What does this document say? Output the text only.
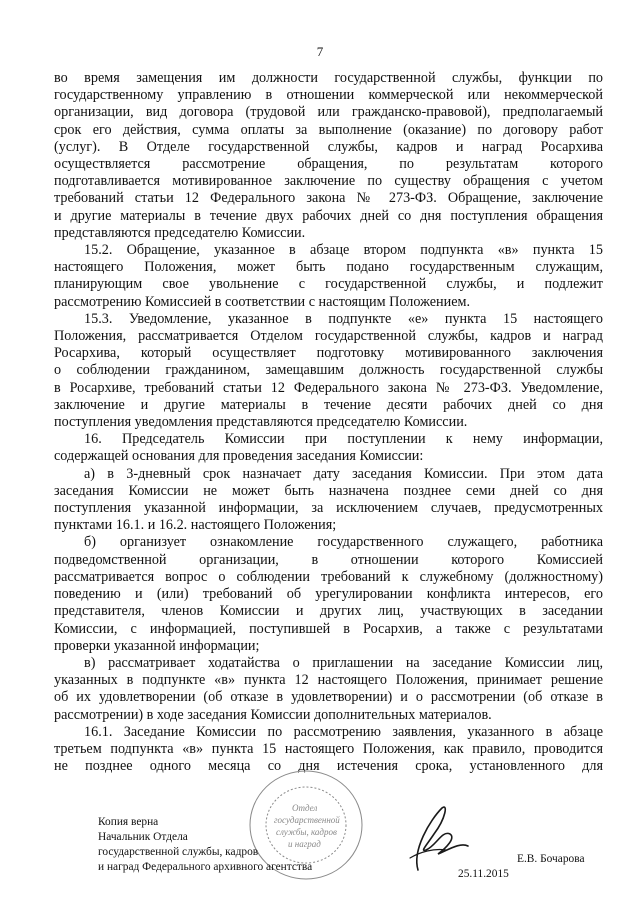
7
во время замещения им должности государственной службы, функции по
государственному управлению в отношении коммерческой или некоммерческой
организации, вид договора (трудовой или гражданско-правовой), предполагаемый
срок его действия, сумма оплаты за выполнение (оказание) по договору работ
(услуг). В Отделе государственной службы, кадров и наград Росархива
осуществляется рассмотрение обращения, по результатам которого
подготавливается мотивированное заключение по существу обращения с учетом
требований статьи 12 Федерального закона № 273-ФЗ. Обращение, заключение
и другие материалы в течение двух рабочих дней со дня поступления обращения
представляются председателю Комиссии.
15.2. Обращение, указанное в абзаце втором подпункта «в» пункта 15
настоящего Положения, может быть подано государственным служащим,
планирующим свое увольнение с государственной службы, и подлежит
рассмотрению Комиссией в соответствии с настоящим Положением.
15.3. Уведомление, указанное в подпункте «е» пункта 15 настоящего
Положения, рассматривается Отделом государственной службы, кадров и наград
Росархива, который осуществляет подготовку мотивированного заключения
о соблюдении гражданином, замещавшим должность государственной службы
в Росархиве, требований статьи 12 Федерального закона № 273-ФЗ. Уведомление,
заключение и другие материалы в течение десяти рабочих дней со дня
поступления уведомления представляются председателю Комиссии.
16. Председатель Комиссии при поступлении к нему информации,
содержащей основания для проведения заседания Комиссии:
а) в 3-дневный срок назначает дату заседания Комиссии. При этом дата
заседания Комиссии не может быть назначена позднее семи дней со дня
поступления указанной информации, за исключением случаев, предусмотренных
пунктами 16.1. и 16.2. настоящего Положения;
б) организует ознакомление государственного служащего, работника
подведомственной организации, в отношении которого Комиссией
рассматривается вопрос о соблюдении требований к служебному (должностному)
поведению и (или) требований об урегулировании конфликта интересов, его
представителя, членов Комиссии и других лиц, участвующих в заседании
Комиссии, с информацией, поступившей в Росархив, а также с результатами
проверки указанной информации;
в) рассматривает ходатайства о приглашении на заседание Комиссии лиц,
указанных в подпункте «в» пункта 12 настоящего Положения, принимает решение
об их удовлетворении (об отказе в удовлетворении) и о рассмотрении (об отказе в
рассмотрении) в ходе заседания Комиссии дополнительных материалов.
16.1. Заседание Комиссии по рассмотрению заявления, указанного в абзаце
третьем подпункта «в» пункта 15 настоящего Положения, как правило, проводится
не позднее одного месяца со дня истечения срока, установленного для
Отдел
государственной
службы, кадров
и наград
Копия верна
Начальник Отдела
государственной службы, кадров
и наград Федерального архивного агентства
Е.В. Бочарова
25.11.2015
